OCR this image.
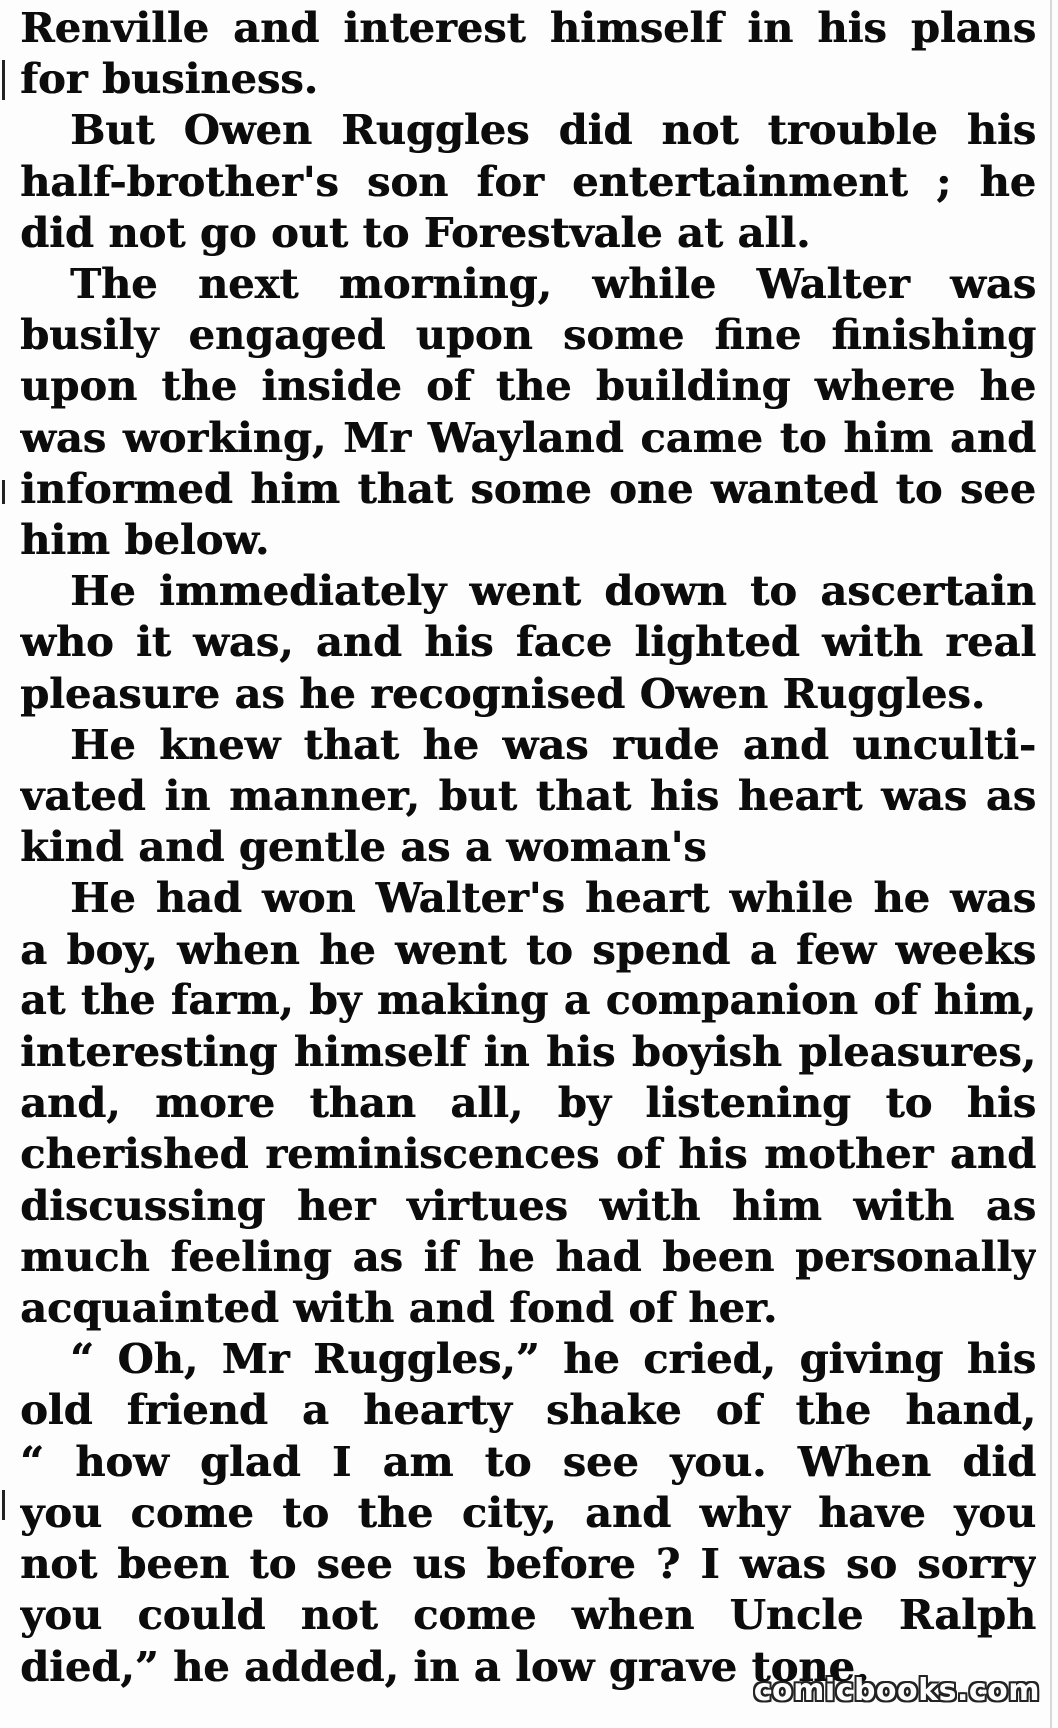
Renville and interest himself in his plans
for business.

But Owen Ruggles did not trouble his
half-brother's son for entertainment ; he
did not go out to Forestvale at all.

The next morning, while Walter was
busily engaged upon some fine finishing
upon the inside of the building where he
was working, Mr Wayland came to him and
informed him that some one wanted to see
him below.

He immediately went down to ascertain
who it was, and his face lighted with real
pleasure as he recognised Owen Ruggles.

He knew that he was rude and unculti-
vated in manner, but that his heart was as
kind and gentle as a woman's

He had won Walter's heart while he was
a boy, when he went to spend a few weeks
at the farm, by making a companion of him,
interesting himself in his boyish pleasures,
and, more than all, by listening to his
cherished reminiscences of his mother and
discussing her virtues with him with as
much feeling as if he had been personally
acquainted with and fond of her.

“ Oh, Mr Ruggles,” he cried, giving his
old friend a hearty shake of the hand,
“ how glad I am to see you. When did
you come to the city, and why have you
not been to see us before ? I was so sorry
you could not come when Uncle Ralph
died,” he added, in a low grave tone.

comicbooks.com
